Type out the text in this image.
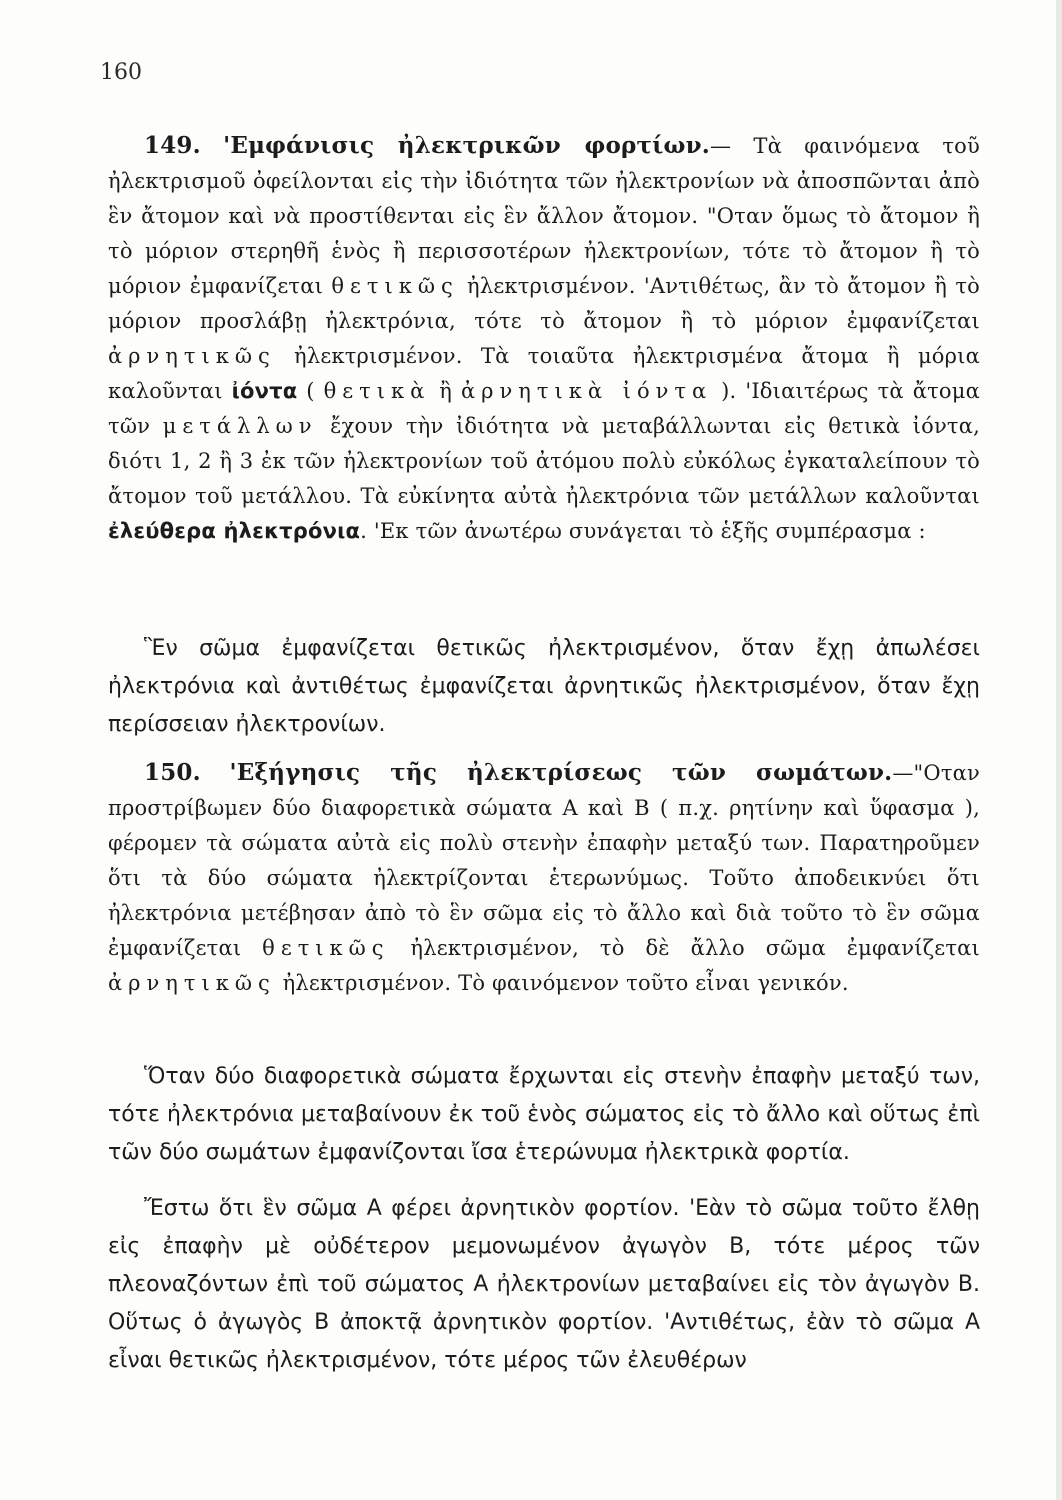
160

149. 'Εμφάνισις ἠλεκτρικῶν φορτίων.— Τὰ φαινόμενα τοῦ ἠλεκτρισμοῦ ὀφείλονται εἰς τὴν ἰδιότητα τῶν ἠλεκτρονίων νὰ ἀποσπῶνται ἀπὸ ἓν ἄτομον καὶ νὰ προστίθενται εἰς ἓν ἄλλον ἄτομον. "Οταν ὅμως τὸ ἄτομον ἢ τὸ μόριον στερηθῆ ἑνὸς ἢ περισσοτέρων ἠλεκτρονίων, τότε τὸ ἄτομον ἢ τὸ μόριον ἐμφανίζεται θετικῶς ἠλεκτρισμένον. 'Αντιθέτως, ἂν τὸ ἄτομον ἢ τὸ μόριον προσλάβῃ ἠλεκτρόνια, τότε τὸ ἄτομον ἢ τὸ μόριον ἐμφανίζεται ἀρνητικῶς ἠλεκτρισμένον. Τὰ τοιαῦτα ἠλεκτρισμένα ἄτομα ἢ μόρια καλοῦνται ἰόντα ( θετικὰ ἢ ἀρνητικὰ ἰόντα ). 'Ιδιαιτέρως τὰ ἄτομα τῶν μετάλλων ἔχουν τὴν ἰδιότητα νὰ μεταβάλλωνται εἰς θετικὰ ἰόντα, διότι 1, 2 ἢ 3 ἐκ τῶν ἠλεκτρονίων τοῦ ἀτόμου πολὺ εὐκόλως ἐγκαταλείπουν τὸ ἄτομον τοῦ μετάλλου. Τὰ εὐκίνητα αὐτὰ ἠλεκτρόνια τῶν μετάλλων καλοῦνται ἐλεύθερα ἠλεκτρόνια. 'Εκ τῶν ἀνωτέρω συνάγεται τὸ ἑξῆς συμπέρασμα :

Ἓν σῶμα ἐμφανίζεται θετικῶς ἠλεκτρισμένον, ὅταν ἔχῃ ἀπωλέσει ἠλεκτρόνια καὶ ἀντιθέτως ἐμφανίζεται ἀρνητικῶς ἠλεκτρισμένον, ὅταν ἔχῃ περίσσειαν ἠλεκτρονίων.

150. 'Εξήγησις τῆς ἠλεκτρίσεως τῶν σωμάτων.—"Οταν προστρίβωμεν δύο διαφορετικὰ σώματα Α καὶ Β ( π.χ. ρητίνην καὶ ὕφασμα ), φέρομεν τὰ σώματα αὐτὰ εἰς πολὺ στενὴν ἐπαφὴν μεταξύ των. Παρατηροῦμεν ὅτι τὰ δύο σώματα ἠλεκτρίζονται ἑτερωνύμως. Τοῦτο ἀποδεικνύει ὅτι ἠλεκτρόνια μετέβησαν ἀπὸ τὸ ἓν σῶμα εἰς τὸ ἄλλο καὶ διὰ τοῦτο τὸ ἓν σῶμα ἐμφανίζεται θετικῶς ἠλεκτρισμένον, τὸ δὲ ἄλλο σῶμα ἐμφανίζεται ἀρνητικῶς ἠλεκτρισμένον. Τὸ φαινόμενον τοῦτο εἶναι γενικόν.

Ὅταν δύο διαφορετικὰ σώματα ἔρχωνται εἰς στενὴν ἐπαφὴν μεταξύ των, τότε ἠλεκτρόνια μεταβαίνουν ἐκ τοῦ ἑνὸς σώματος εἰς τὸ ἄλλο καὶ οὕτως ἐπὶ τῶν δύο σωμάτων ἐμφανίζονται ἴσα ἑτερώνυμα ἠλεκτρικὰ φορτία.

Ἔστω ὅτι ἓν σῶμα Α φέρει ἀρνητικὸν φορτίον. 'Εὰν τὸ σῶμα τοῦτο ἔλθῃ εἰς ἐπαφὴν μὲ οὐδέτερον μεμονωμένον ἀγωγὸν Β, τότε μέρος τῶν πλεοναζόντων ἐπὶ τοῦ σώματος Α ἠλεκτρονίων μεταβαίνει εἰς τὸν ἀγωγὸν Β. Οὕτως ὁ ἀγωγὸς Β ἀποκτᾷ ἀρνητικὸν φορτίον. 'Αντιθέτως, ἐὰν τὸ σῶμα Α εἶναι θετικῶς ἠλεκτρισμένον, τότε μέρος τῶν ἐλευθέρων
